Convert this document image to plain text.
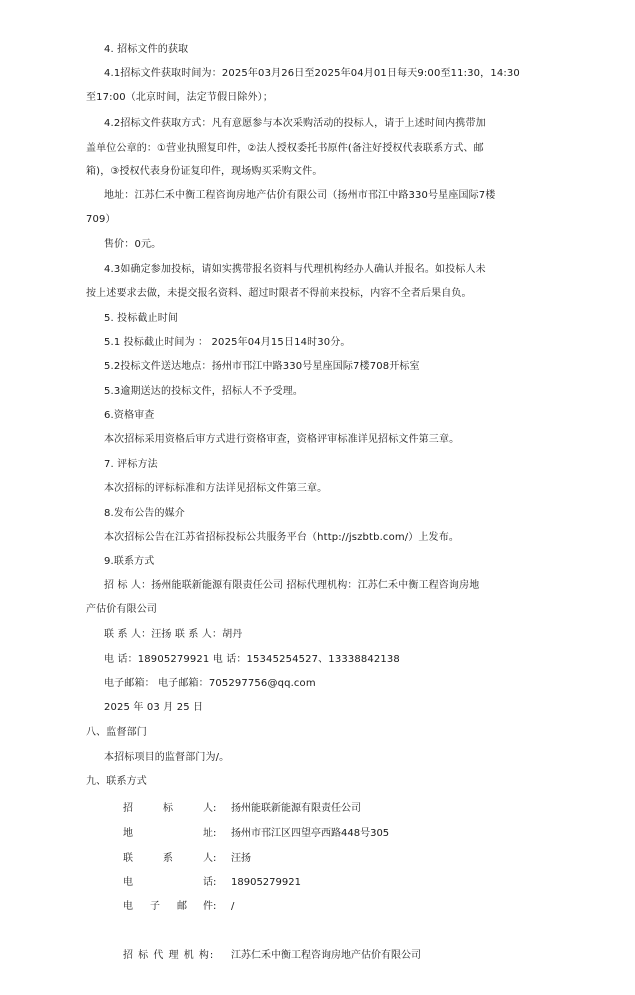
4. 招标文件的获取
4.1招标文件获取时间为：2025年03月26日至2025年04月01日每天9:00至11:30，14:30
至17:00（北京时间，法定节假日除外）；
4.2招标文件获取方式：凡有意愿参与本次采购活动的投标人，请于上述时间内携带加
盖单位公章的：①营业执照复印件，②法人授权委托书原件(备注好授权代表联系方式、邮
箱)，③授权代表身份证复印件，现场购买采购文件。
地址：江苏仁禾中衡工程咨询房地产估价有限公司（扬州市邗江中路330号星座国际7楼
709）
售价：0元。
4.3如确定参加投标，请如实携带报名资料与代理机构经办人确认并报名。如投标人未
按上述要求去做，未提交报名资料、超过时限者不得前来投标，内容不全者后果自负。
5. 投标截止时间
5.1 投标截止时间为 ： 2025年04月15日14时30分。
5.2投标文件送达地点：扬州市邗江中路330号星座国际7楼708开标室
5.3逾期送达的投标文件，招标人不予受理。
6.资格审查
本次招标采用资格后审方式进行资格审查，资格评审标准详见招标文件第三章。
7. 评标方法
本次招标的评标标准和方法详见招标文件第三章。
8.发布公告的媒介
本次招标公告在江苏省招标投标公共服务平台（http://jszbtb.com/）上发布。
9.联系方式
招 标 人：扬州能联新能源有限责任公司 招标代理机构：江苏仁禾中衡工程咨询房地
产估价有限公司
联 系 人：汪扬 联 系 人：胡丹
电 话：18905279921 电 话：15345254527、13338842138
电子邮箱： 电子邮箱：705297756@qq.com
2025 年 03 月 25 日
八、监督部门
本招标项目的监督部门为/。
九、联系方式
招	标	人: 扬州能联新能源有限责任公司
地	址: 扬州市邗江区四望亭西路448号305
联	系	人: 汪扬
电	话: 18905279921
电 子 邮 件: /
招 标 代 理 机 构: 江苏仁禾中衡工程咨询房地产估价有限公司
